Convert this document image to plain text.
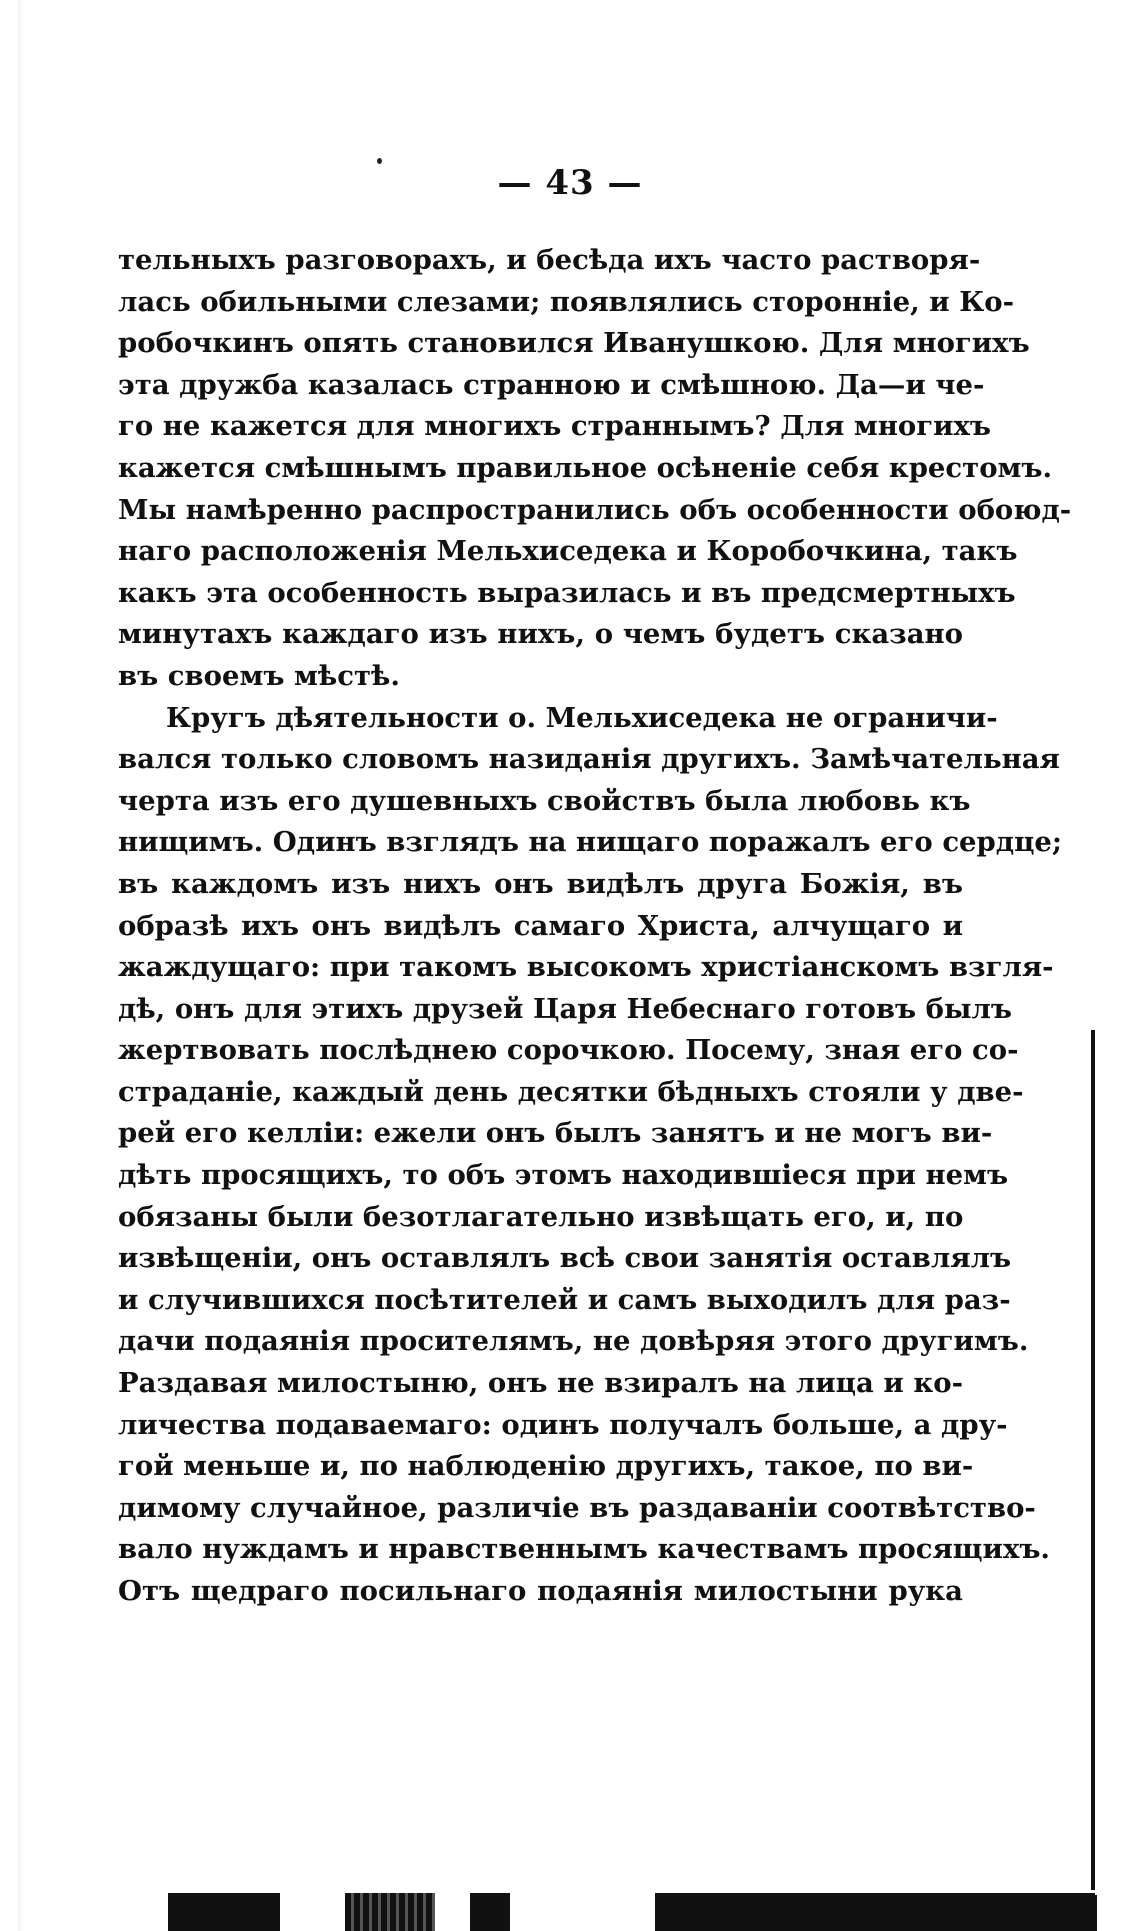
— 43 —
тельныхъ разговорахъ, и бесѣда ихъ часто растворя-
лась обильными слезами; появлялись сторонніе, и Ко-
робочкинъ опять становился Иванушкою. Для многихъ
эта дружба казалась странною и смѣшною. Да—и че-
го не кажется для многихъ страннымъ? Для многихъ
кажется смѣшнымъ правильное осѣненіе себя крестомъ.
Мы намѣренно распространились объ особенности обоюд-
наго расположенія Мельхиседека и Коробочкина, такъ
какъ эта особенность выразилась и въ предсмертныхъ
минутахъ каждаго изъ нихъ, о чемъ будетъ сказано
въ своемъ мѣстѣ.
Кругъ дѣятельности о. Мельхиседека не ограничи-
вался только словомъ назиданія другихъ. Замѣчательная
черта изъ его душевныхъ свойствъ была любовь къ
нищимъ. Одинъ взглядъ на нищаго поражалъ его сердце;
въ каждомъ изъ нихъ онъ видѣлъ друга Божія, въ
образѣ ихъ онъ видѣлъ самаго Христа, алчущаго и
жаждущаго: при такомъ высокомъ христіанскомъ взгля-
дѣ, онъ для этихъ друзей Царя Небеснаго готовъ былъ
жертвовать послѣднею сорочкою. Посему, зная его со-
страданіе, каждый день десятки бѣдныхъ стояли у две-
рей его келліи: ежели онъ былъ занятъ и не могъ ви-
дѣть просящихъ, то объ этомъ находившіеся при немъ
обязаны были безотлагательно извѣщать его, и, по
извѣщеніи, онъ оставлялъ всѣ свои занятія оставлялъ
и случившихся посѣтителей и самъ выходилъ для раз-
дачи подаянія просителямъ, не довѣряя этого другимъ.
Раздавая милостыню, онъ не взиралъ на лица и ко-
личества подаваемаго: одинъ получалъ больше, а дру-
гой меньше и, по наблюденію другихъ, такое, по ви-
димому случайное, различіе въ раздаваніи соотвѣтство-
вало нуждамъ и нравственнымъ качествамъ просящихъ.
Отъ щедраго посильнаго подаянія милостыни рука
